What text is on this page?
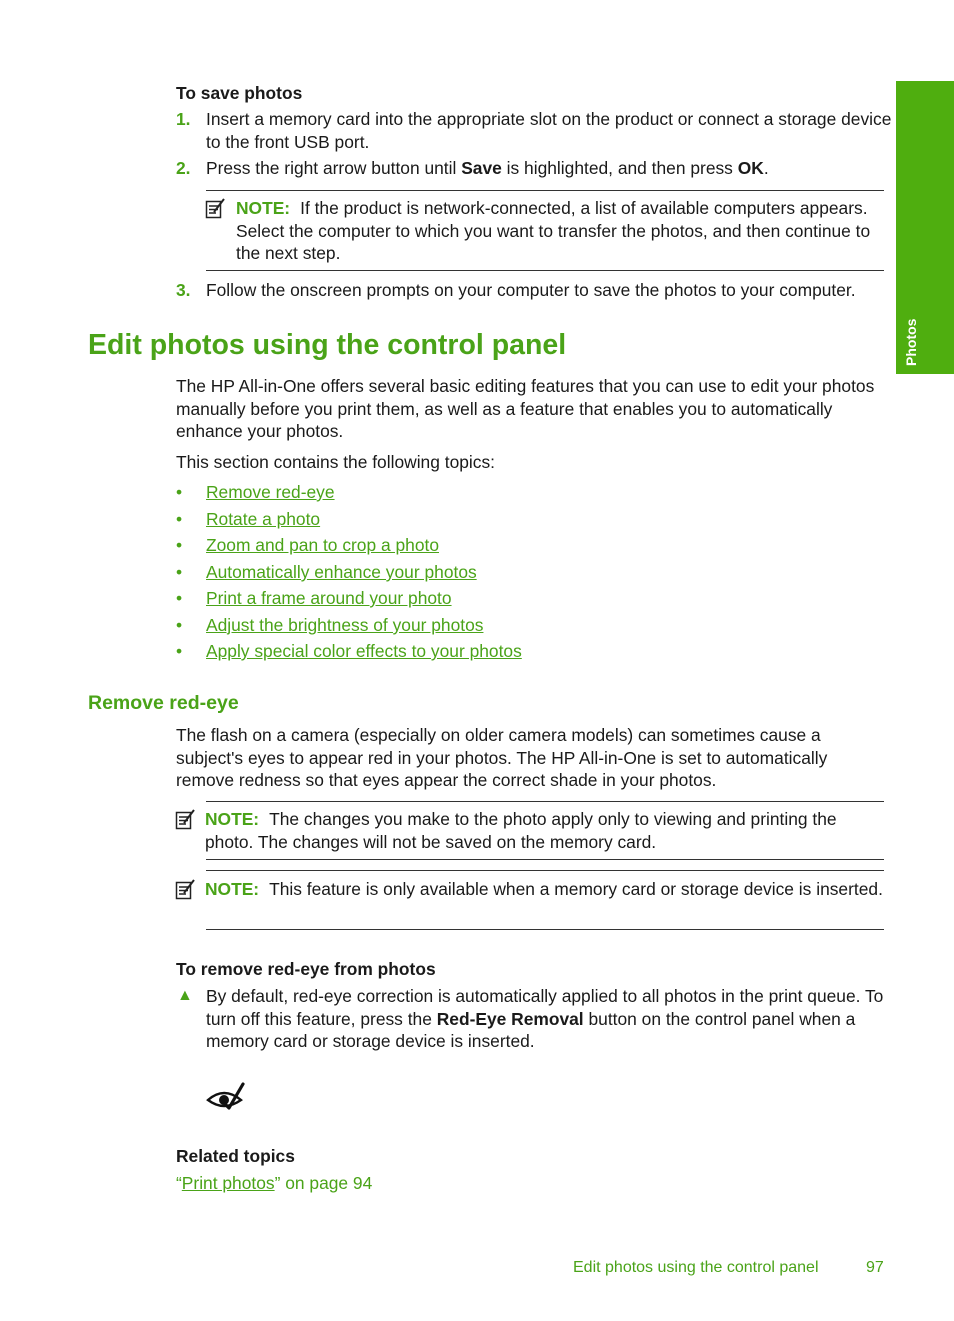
Photos
To save photos
1. Insert a memory card into the appropriate slot on the product or connect a storage device to the front USB port.
2. Press the right arrow button until Save is highlighted, and then press OK.
NOTE: If the product is network-connected, a list of available computers appears. Select the computer to which you want to transfer the photos, and then continue to the next step.
3. Follow the onscreen prompts on your computer to save the photos to your computer.
Edit photos using the control panel
The HP All-in-One offers several basic editing features that you can use to edit your photos manually before you print them, as well as a feature that enables you to automatically enhance your photos.
This section contains the following topics:
• Remove red-eye
• Rotate a photo
• Zoom and pan to crop a photo
• Automatically enhance your photos
• Print a frame around your photo
• Adjust the brightness of your photos
• Apply special color effects to your photos
Remove red-eye
The flash on a camera (especially on older camera models) can sometimes cause a subject's eyes to appear red in your photos. The HP All-in-One is set to automatically remove redness so that eyes appear the correct shade in your photos.
NOTE: The changes you make to the photo apply only to viewing and printing the photo. The changes will not be saved on the memory card.
NOTE: This feature is only available when a memory card or storage device is inserted.
To remove red-eye from photos
▲ By default, red-eye correction is automatically applied to all photos in the print queue. To turn off this feature, press the Red-Eye Removal button on the control panel when a memory card or storage device is inserted.
Related topics
“Print photos” on page 94
Edit photos using the control panel	97
